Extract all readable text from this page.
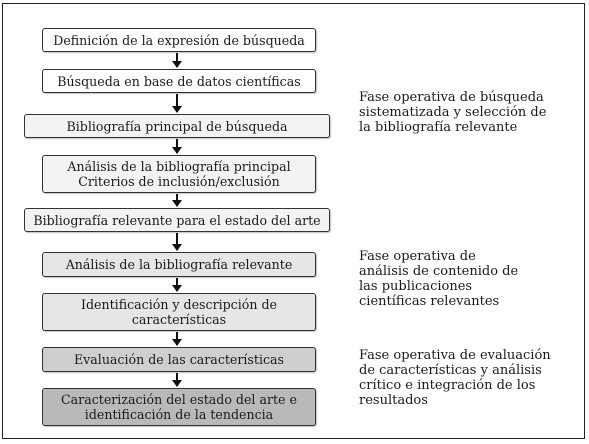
Definición de la expresión de búsqueda
Búsqueda en base de datos científicas
Bibliografía principal de búsqueda
Análisis de la bibliografía principal
Criterios de inclusión/exclusión
Bibliografía relevante para el estado del arte
Análisis de la bibliografía relevante
Identificación y descripción de
características
Evaluación de las características
Caracterización del estado del arte e
identificación de la tendencia
Fase operativa de búsqueda
sistematizada y selección de
la bibliografía relevante
Fase operativa de
análisis de contenido de
las publicaciones
científicas relevantes
Fase operativa de evaluación
de características y análisis
crítico e integración de los
resultados
